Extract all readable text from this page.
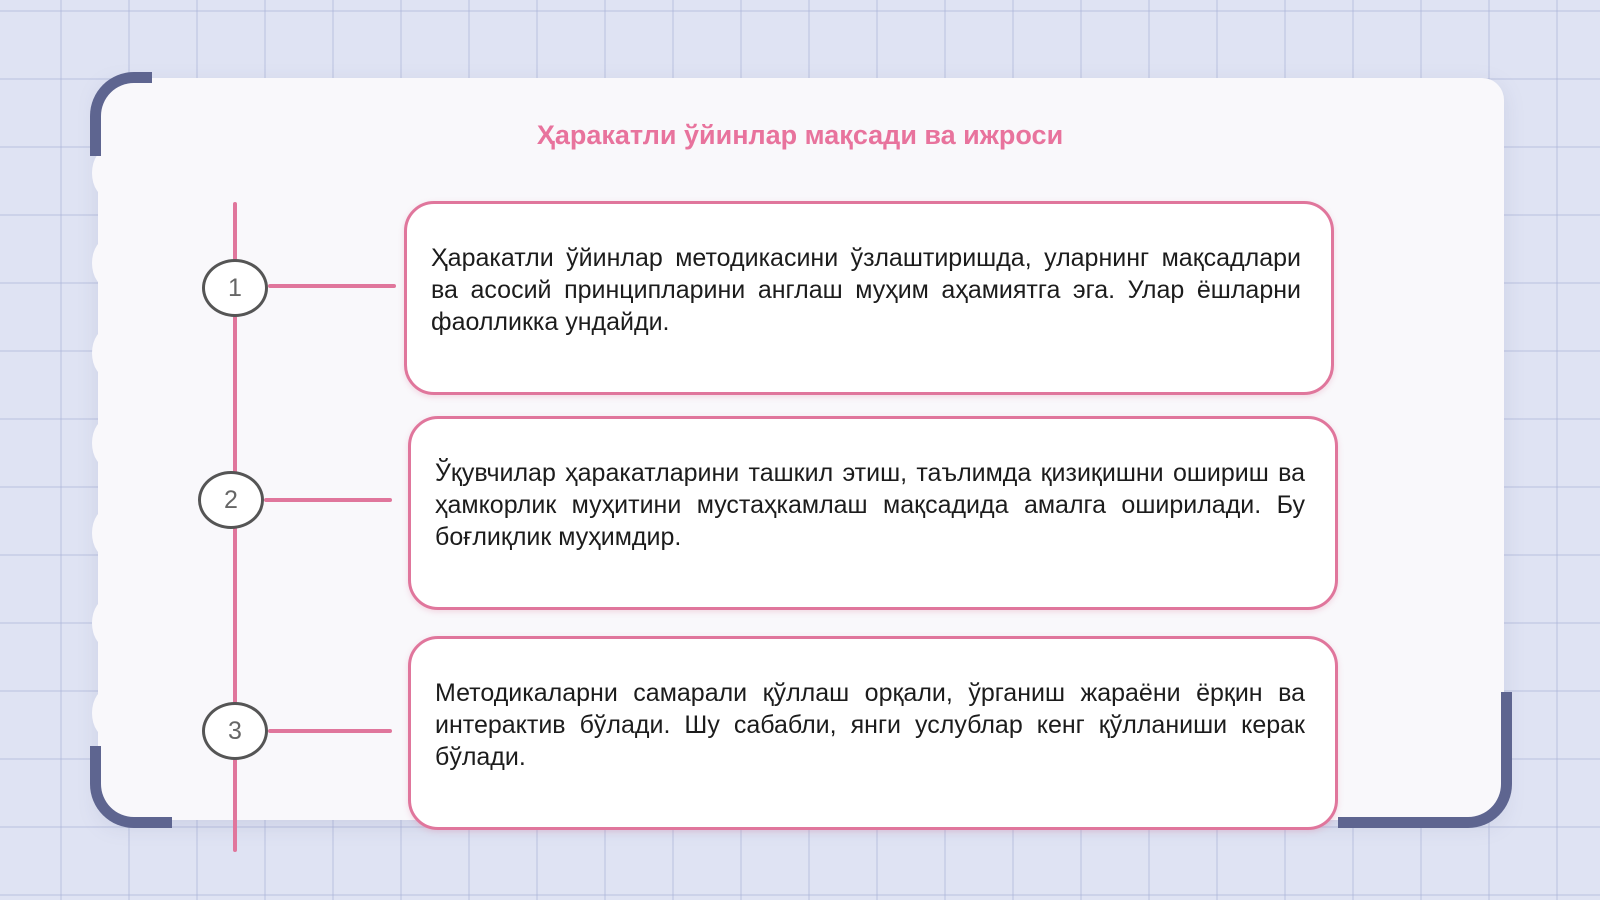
Ҳаракатли ўйинлар мақсади ва ижроси
1

Ҳаракатли ўйинлар методикасини ўзлаштиришда, уларнинг мақсадлари ва асосий принципларини англаш муҳим аҳамиятга эга. Улар ёшларни фаолликка ундайди.

2

Ўқувчилар ҳаракатларини ташкил этиш, таълимда қизиқишни ошириш ва ҳамкорлик муҳитини мустаҳкамлаш мақсадида амалга оширилади. Бу боғлиқлик муҳимдир.

3

Методикаларни самарали қўллаш орқали, ўрганиш жараёни ёрқин ва интерактив бўлади. Шу сабабли, янги услублар кенг қўлланиши керак бўлади.
